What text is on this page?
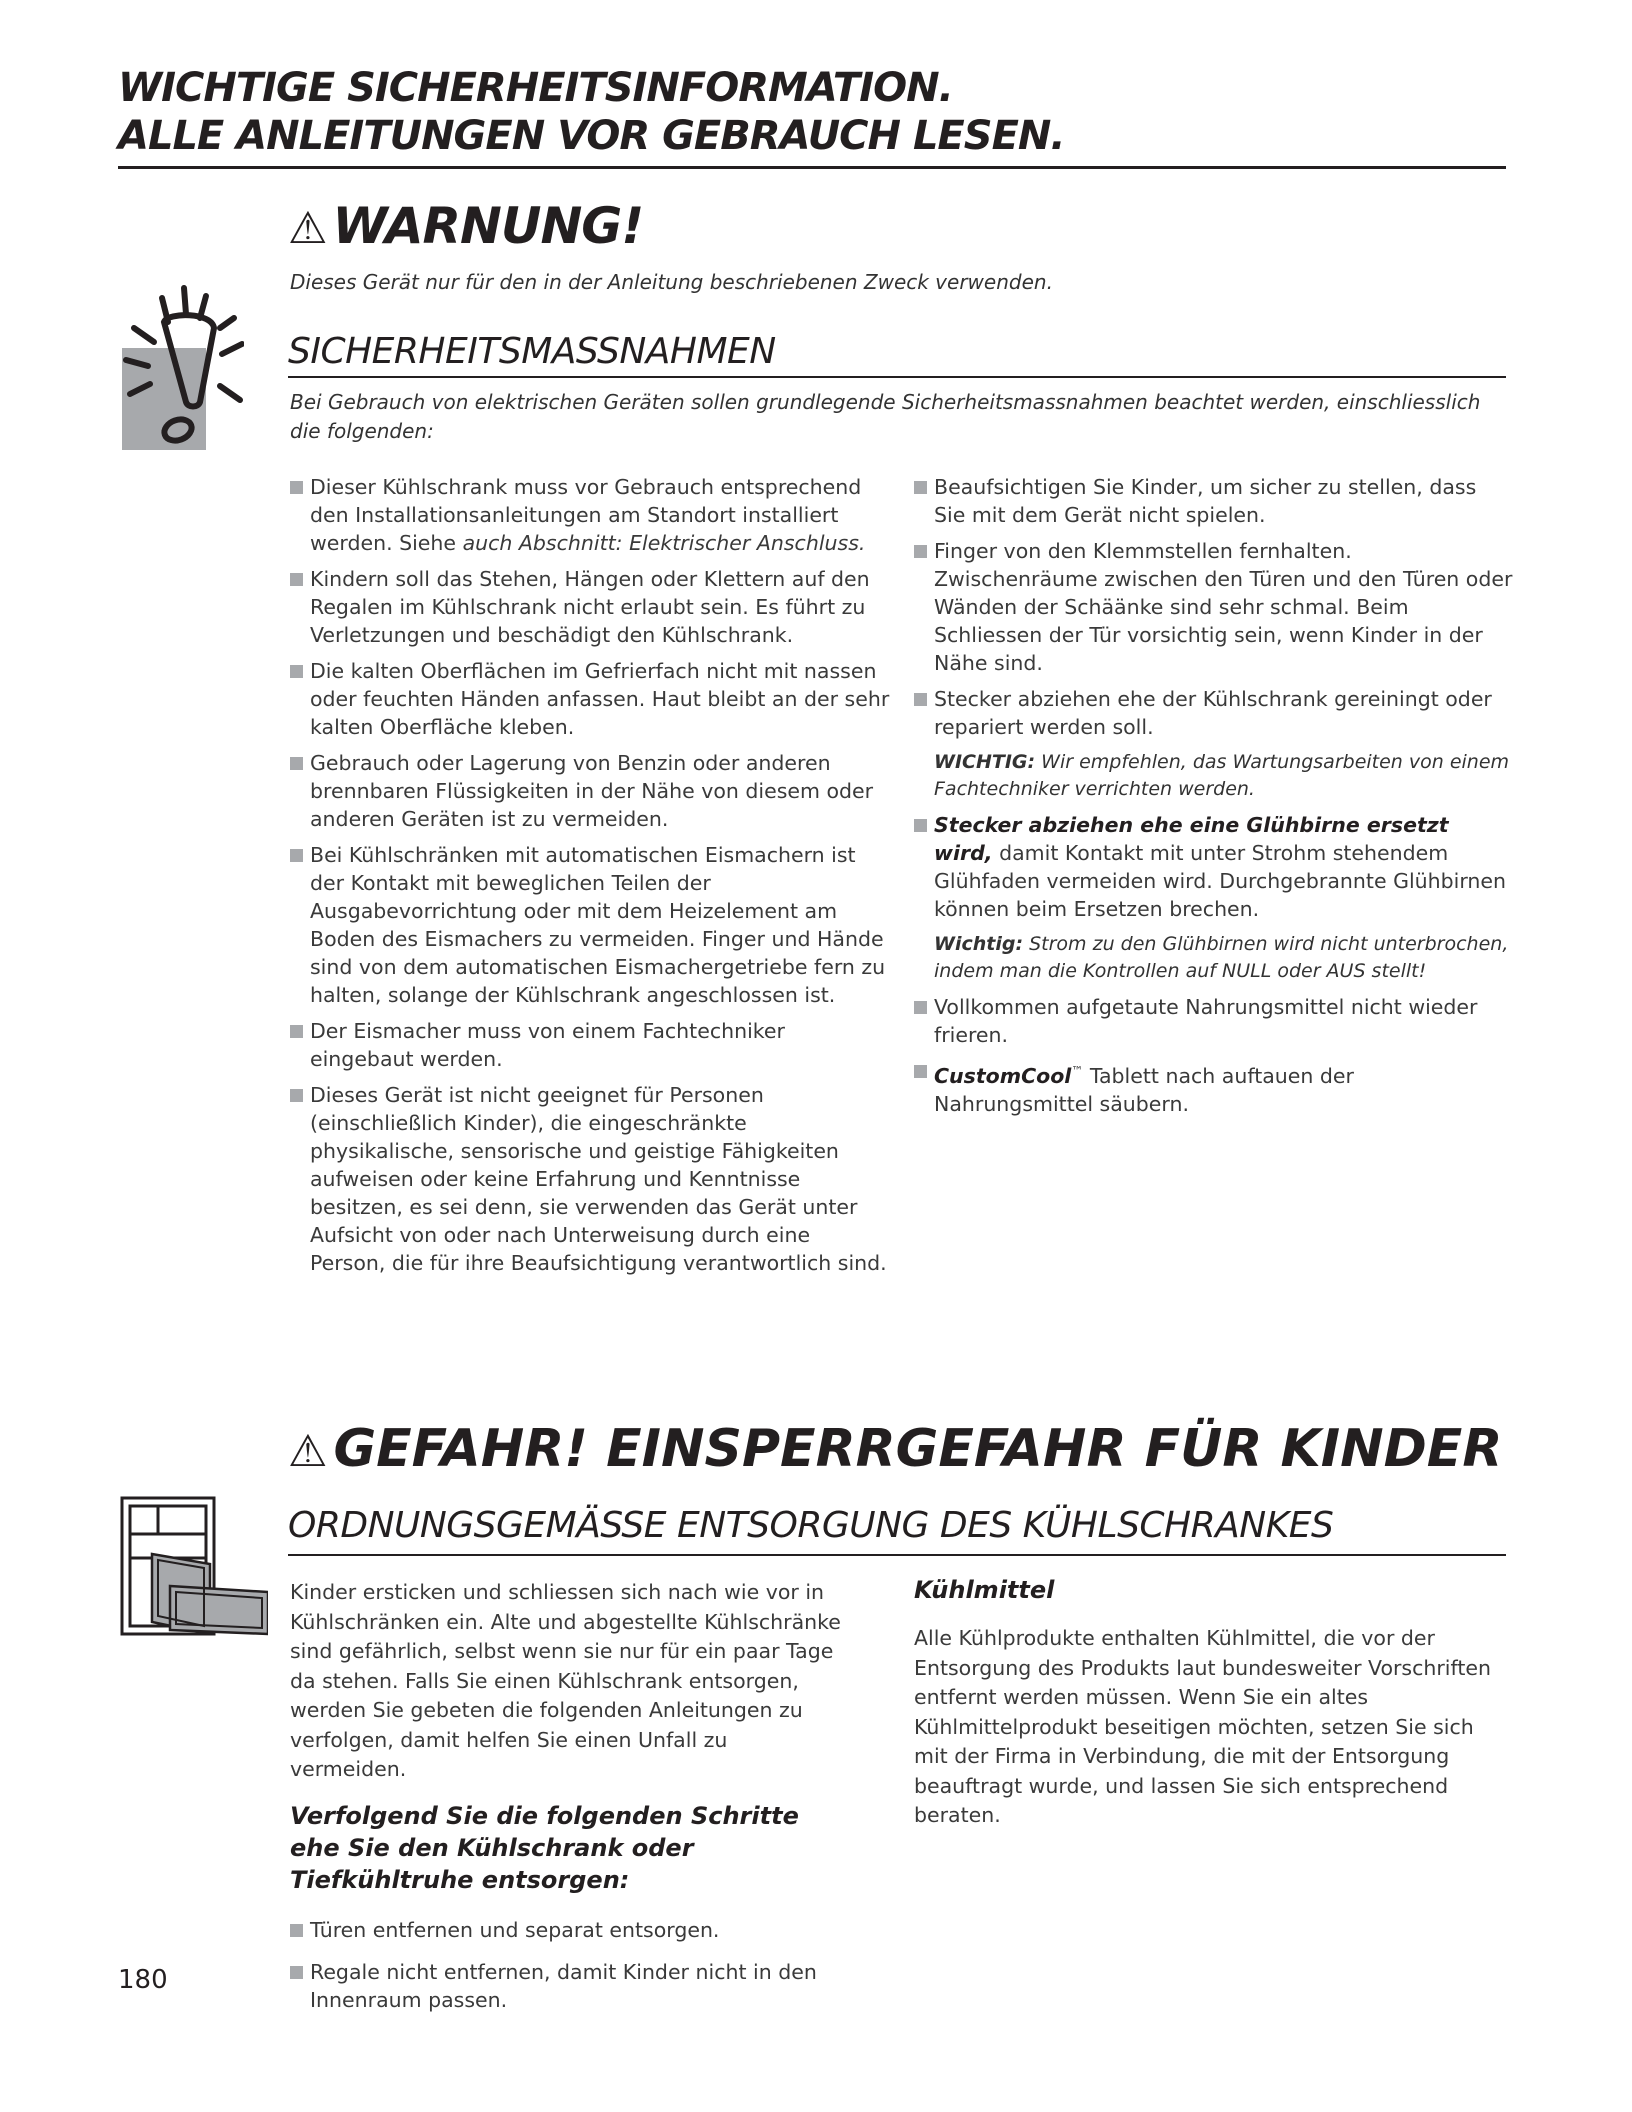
WICHTIGE SICHERHEITSINFORMATION.
ALLE ANLEITUNGEN VOR GEBRAUCH LESEN.
⚠ WARNUNG!
Dieses Gerät nur für den in der Anleitung beschriebenen Zweck verwenden.
SICHERHEITSMASSNAHMEN
Bei Gebrauch von elektrischen Geräten sollen grundlegende Sicherheitsmassnahmen beachtet werden, einschliesslich die folgenden:
Dieser Kühlschrank muss vor Gebrauch entsprechend den Installationsanleitungen am Standort installiert werden. Siehe auch Abschnitt: Elektrischer Anschluss.
Kindern soll das Stehen, Hängen oder Klettern auf den Regalen im Kühlschrank nicht erlaubt sein. Es führt zu Verletzungen und beschädigt den Kühlschrank.
Die kalten Oberflächen im Gefrierfach nicht mit nassen oder feuchten Händen anfassen. Haut bleibt an der sehr kalten Oberfläche kleben.
Gebrauch oder Lagerung von Benzin oder anderen brennbaren Flüssigkeiten in der Nähe von diesem oder anderen Geräten ist zu vermeiden.
Bei Kühlschränken mit automatischen Eismachern ist der Kontakt mit beweglichen Teilen der Ausgabevorrichtung oder mit dem Heizelement am Boden des Eismachers zu vermeiden. Finger und Hände sind von dem automatischen Eismachergetriebe fern zu halten, solange der Kühlschrank angeschlossen ist.
Der Eismacher muss von einem Fachtechniker eingebaut werden.
Dieses Gerät ist nicht geeignet für Personen (einschließlich Kinder), die eingeschränkte physikalische, sensorische und geistige Fähigkeiten aufweisen oder keine Erfahrung und Kenntnisse besitzen, es sei denn, sie verwenden das Gerät unter Aufsicht von oder nach Unterweisung durch eine Person, die für ihre Beaufsichtigung verantwortlich sind.
Beaufsichtigen Sie Kinder, um sicher zu stellen, dass Sie mit dem Gerät nicht spielen.
Finger von den Klemmstellen fernhalten. Zwischenräume zwischen den Türen und den Türen oder Wänden der Schäänke sind sehr schmal. Beim Schliessen der Tür vorsichtig sein, wenn Kinder in der Nähe sind.
Stecker abziehen ehe der Kühlschrank gereiningt oder repariert werden soll.
WICHTIG: Wir empfehlen, das Wartungsarbeiten von einem Fachtechniker verrichten werden.
Stecker abziehen ehe eine Glühbirne ersetzt wird, damit Kontakt mit unter Strohm stehendem Glühfaden vermeiden wird. Durchgebrannte Glühbirnen können beim Ersetzen brechen.
Wichtig: Strom zu den Glühbirnen wird nicht unterbrochen, indem man die Kontrollen auf NULL oder AUS stellt!
Vollkommen aufgetaute Nahrungsmittel nicht wieder frieren.
CustomCool™ Tablett nach auftauen der Nahrungsmittel säubern.
⚠ GEFAHR! EINSPERRGEFAHR FÜR KINDER
ORDNUNGSGEMÄSSE ENTSORGUNG DES KÜHLSCHRANKES
Kinder ersticken und schliessen sich nach wie vor in Kühlschränken ein. Alte und abgestellte Kühlschränke sind gefährlich, selbst wenn sie nur für ein paar Tage da stehen. Falls Sie einen Kühlschrank entsorgen, werden Sie gebeten die folgenden Anleitungen zu verfolgen, damit helfen Sie einen Unfall zu vermeiden.
Verfolgend Sie die folgenden Schritte ehe Sie den Kühlschrank oder Tiefkühltruhe entsorgen:
Türen entfernen und separat entsorgen.
Regale nicht entfernen, damit Kinder nicht in den Innenraum passen.
Kühlmittel
Alle Kühlprodukte enthalten Kühlmittel, die vor der Entsorgung des Produkts laut bundesweiter Vorschriften entfernt werden müssen. Wenn Sie ein altes Kühlmittelprodukt beseitigen möchten, setzen Sie sich mit der Firma in Verbindung, die mit der Entsorgung beauftragt wurde, und lassen Sie sich entsprechend beraten.
180
